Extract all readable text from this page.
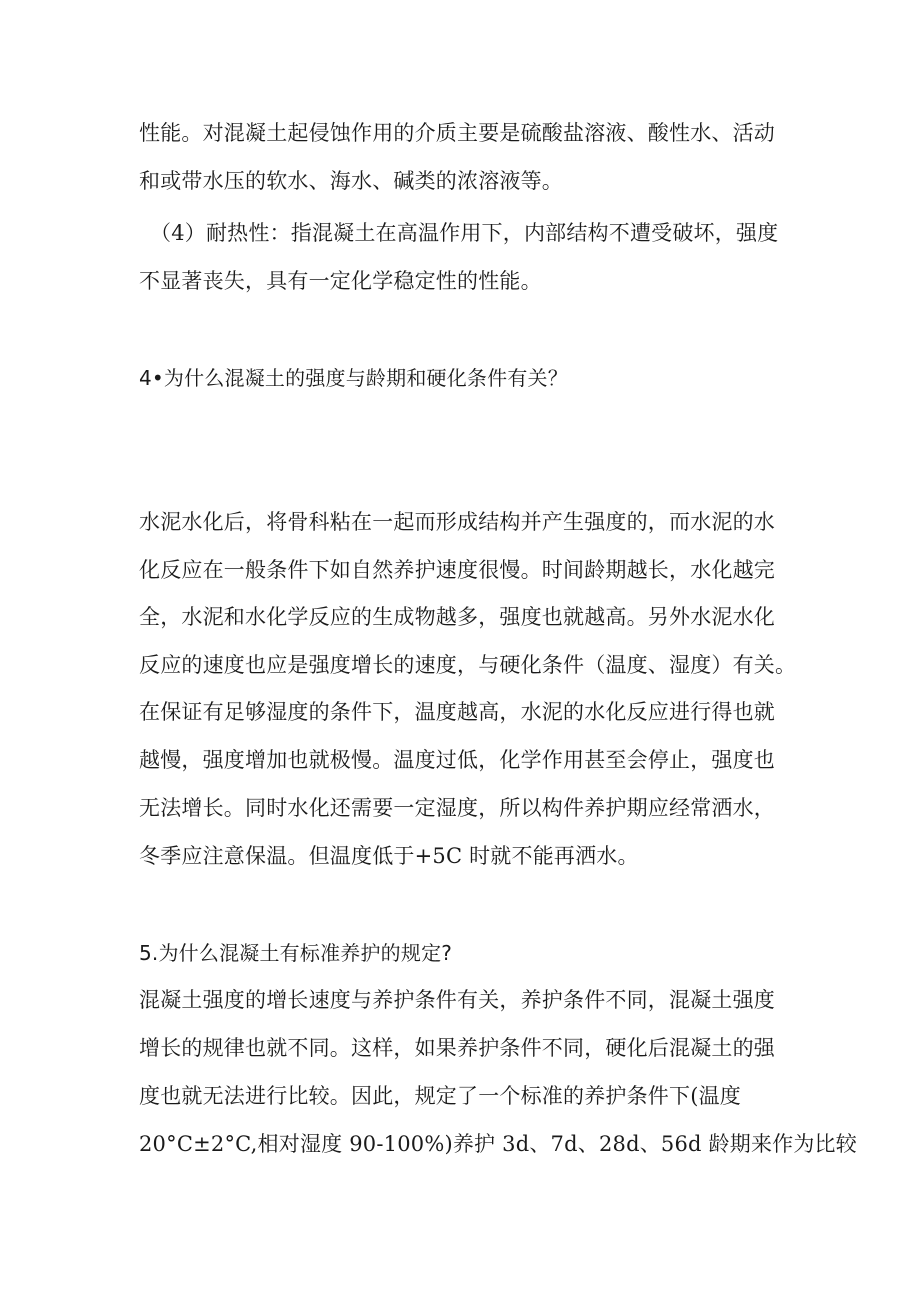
性能。对混凝土起侵蚀作用的介质主要是硫酸盐溶液、酸性水、活动
和或带水压的软水、海水、碱类的浓溶液等。
（4）耐热性：指混凝土在高温作用下，内部结构不遭受破坏，强度
不显著丧失，具有一定化学稳定性的性能。
4•为什么混凝土的强度与龄期和硬化条件有关？
水泥水化后，将骨科粘在一起而形成结构并产生强度的，而水泥的水
化反应在一般条件下如自然养护速度很慢。时间龄期越长，水化越完
全，水泥和水化学反应的生成物越多，强度也就越高。另外水泥水化
反应的速度也应是强度增长的速度，与硬化条件（温度、湿度）有关。
在保证有足够湿度的条件下，温度越高，水泥的水化反应进行得也就
越慢，强度增加也就极慢。温度过低，化学作用甚至会停止，强度也
无法增长。同时水化还需要一定湿度，所以构件养护期应经常洒水，
冬季应注意保温。但温度低于+5C 时就不能再洒水。
5.为什么混凝土有标准养护的规定?
混凝土强度的增长速度与养护条件有关，养护条件不同，混凝土强度
增长的规律也就不同。这样，如果养护条件不同，硬化后混凝土的强
度也就无法进行比较。因此，规定了一个标准的养护条件下(温度
20°C±2°C,相对湿度 90-100%)养护 3d、7d、28d、56d 龄期来作为比较
